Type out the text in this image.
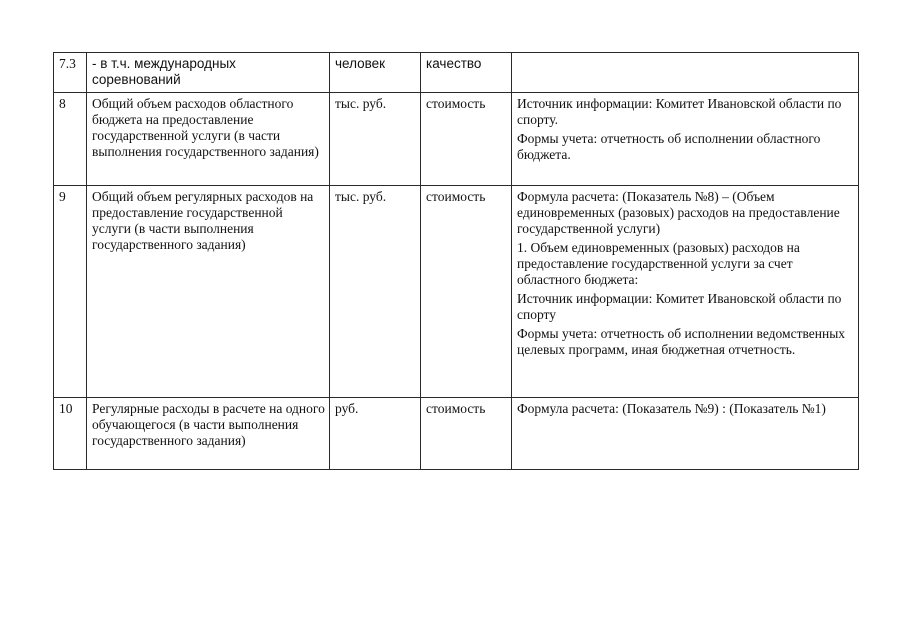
7.3	- в т.ч. международных соревнований	человек	качество	
8	Общий объем расходов областного бюджета на предоставление государственной услуги (в части выполнения государственного задания)	тыс. руб.	стоимость	Источник информации: Комитет Ивановской области по спорту.
Формы учета: отчетность об исполнении областного бюджета.

9	Общий объем регулярных расходов на предоставление государственной услуги (в части выполнения государственного задания)	тыс. руб.	стоимость	Формула расчета: (Показатель №8) – (Объем единовременных (разовых) расходов на предоставление государственной услуги)
1. Объем единовременных (разовых) расходов на предоставление государственной услуги за счет областного бюджета:
Источник информации: Комитет Ивановской области по спорту
Формы учета: отчетность об исполнении ведомственных целевых программ, иная бюджетная отчетность.

10	Регулярные расходы в расчете на одного обучающегося (в части выполнения государственного задания)	руб.	стоимость	Формула расчета: (Показатель №9) : (Показатель №1)
